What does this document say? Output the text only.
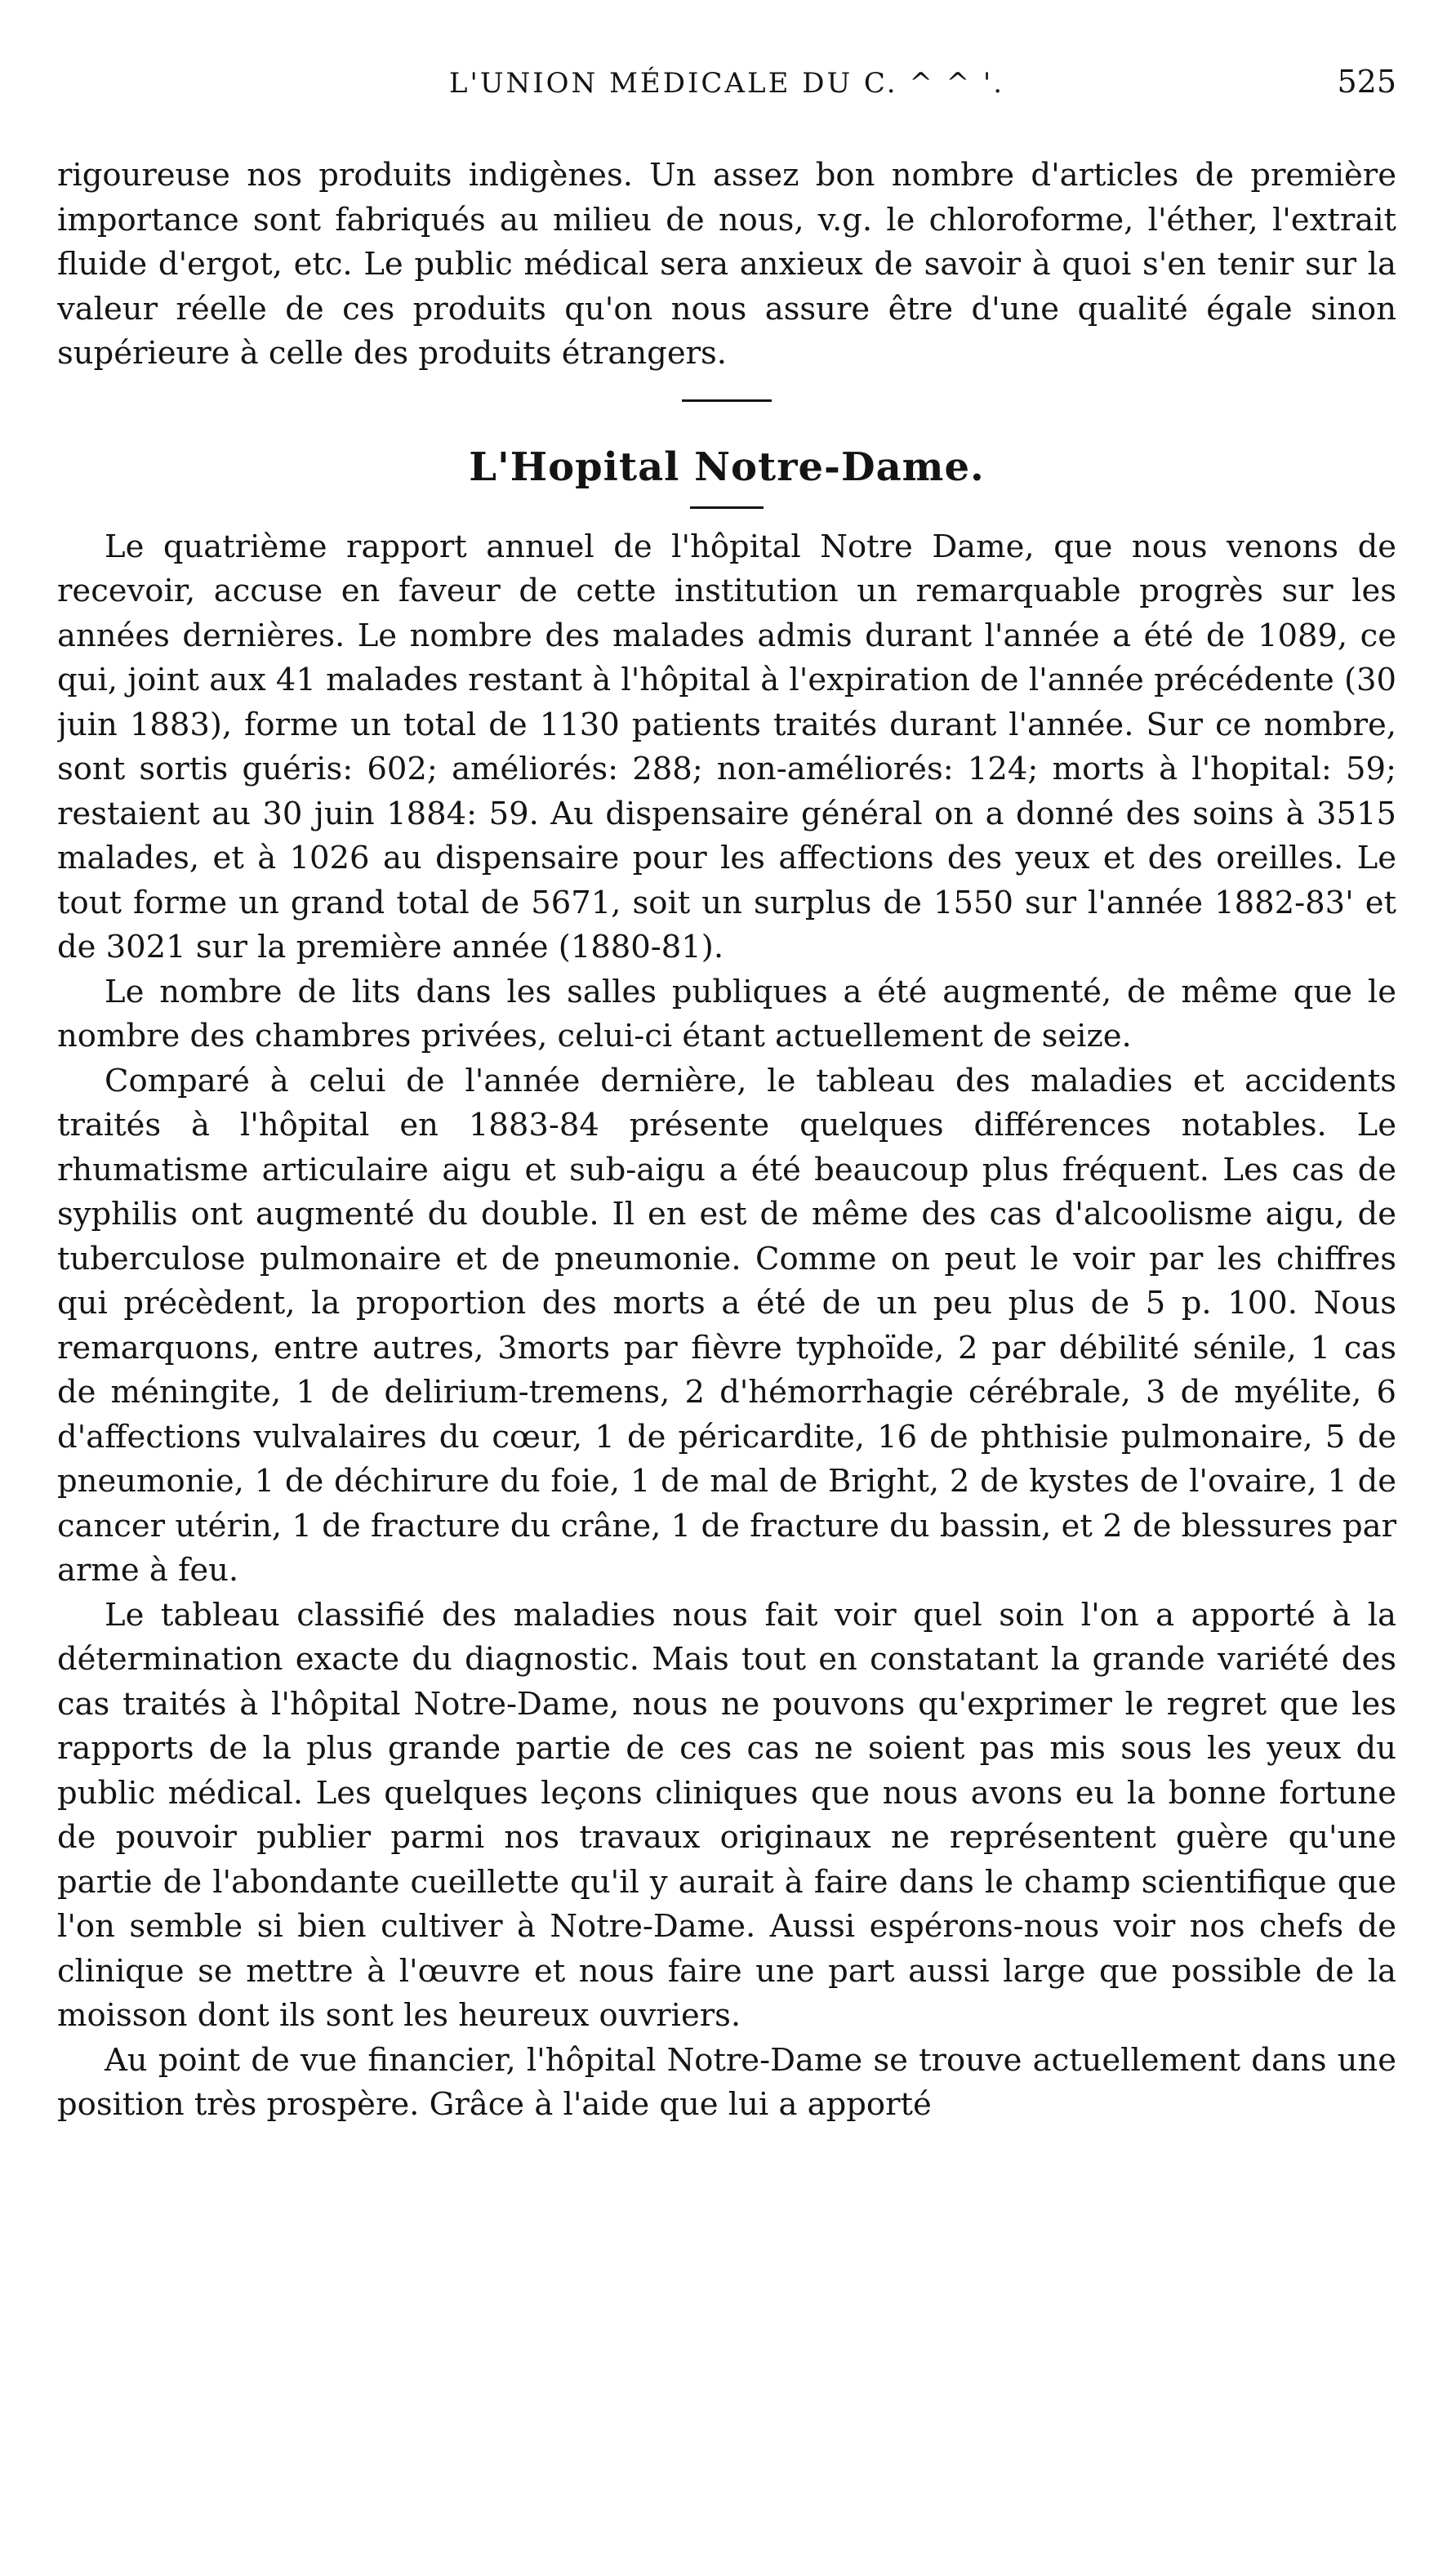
L'UNION MÉDICALE DU C. ^ ^ '.	525

rigoureuse nos produits indigènes. Un assez bon nombre d'articles de première importance sont fabriqués au milieu de nous, v.g. le chloroforme, l'éther, l'extrait fluide d'ergot, etc. Le public médical sera anxieux de savoir à quoi s'en tenir sur la valeur réelle de ces produits qu'on nous assure être d'une qualité égale sinon supérieure à celle des produits étrangers.

L'Hopital Notre-Dame.

Le quatrième rapport annuel de l'hôpital Notre Dame, que nous venons de recevoir, accuse en faveur de cette institution un remarquable progrès sur les années dernières. Le nombre des malades admis durant l'année a été de 1089, ce qui, joint aux 41 malades restant à l'hôpital à l'expiration de l'année précédente (30 juin 1883), forme un total de 1130 patients traités durant l'année. Sur ce nombre, sont sortis guéris: 602; améliorés: 288; non-améliorés: 124; morts à l'hopital: 59; restaient au 30 juin 1884: 59. Au dispensaire général on a donné des soins à 3515 malades, et à 1026 au dispensaire pour les affections des yeux et des oreilles. Le tout forme un grand total de 5671, soit un surplus de 1550 sur l'année 1882-83' et de 3021 sur la première année (1880-81).

Le nombre de lits dans les salles publiques a été augmenté, de même que le nombre des chambres privées, celui-ci étant actuellement de seize.

Comparé à celui de l'année dernière, le tableau des maladies et accidents traités à l'hôpital en 1883-84 présente quelques différences notables. Le rhumatisme articulaire aigu et sub-aigu a été beaucoup plus fréquent. Les cas de syphilis ont augmenté du double. Il en est de même des cas d'alcoolisme aigu, de tuberculose pulmonaire et de pneumonie. Comme on peut le voir par les chiffres qui précèdent, la proportion des morts a été de un peu plus de 5 p. 100. Nous remarquons, entre autres, 3morts par fièvre typhoïde, 2 par débilité sénile, 1 cas de méningite, 1 de delirium-tremens, 2 d'hémorrhagie cérébrale, 3 de myélite, 6 d'affections vulvalaires du cœur, 1 de péricardite, 16 de phthisie pulmonaire, 5 de pneumonie, 1 de déchirure du foie, 1 de mal de Bright, 2 de kystes de l'ovaire, 1 de cancer utérin, 1 de fracture du crâne, 1 de fracture du bassin, et 2 de blessures par arme à feu.

Le tableau classifié des maladies nous fait voir quel soin l'on a apporté à la détermination exacte du diagnostic. Mais tout en constatant la grande variété des cas traités à l'hôpital Notre-Dame, nous ne pouvons qu'exprimer le regret que les rapports de la plus grande partie de ces cas ne soient pas mis sous les yeux du public médical. Les quelques leçons cliniques que nous avons eu la bonne fortune de pouvoir publier parmi nos travaux originaux ne représentent guère qu'une partie de l'abondante cueillette qu'il y aurait à faire dans le champ scientifique que l'on semble si bien cultiver à Notre-Dame. Aussi espérons-nous voir nos chefs de clinique se mettre à l'œuvre et nous faire une part aussi large que possible de la moisson dont ils sont les heureux ouvriers.

Au point de vue financier, l'hôpital Notre-Dame se trouve actuellement dans une position très prospère. Grâce à l'aide que lui a apporté
